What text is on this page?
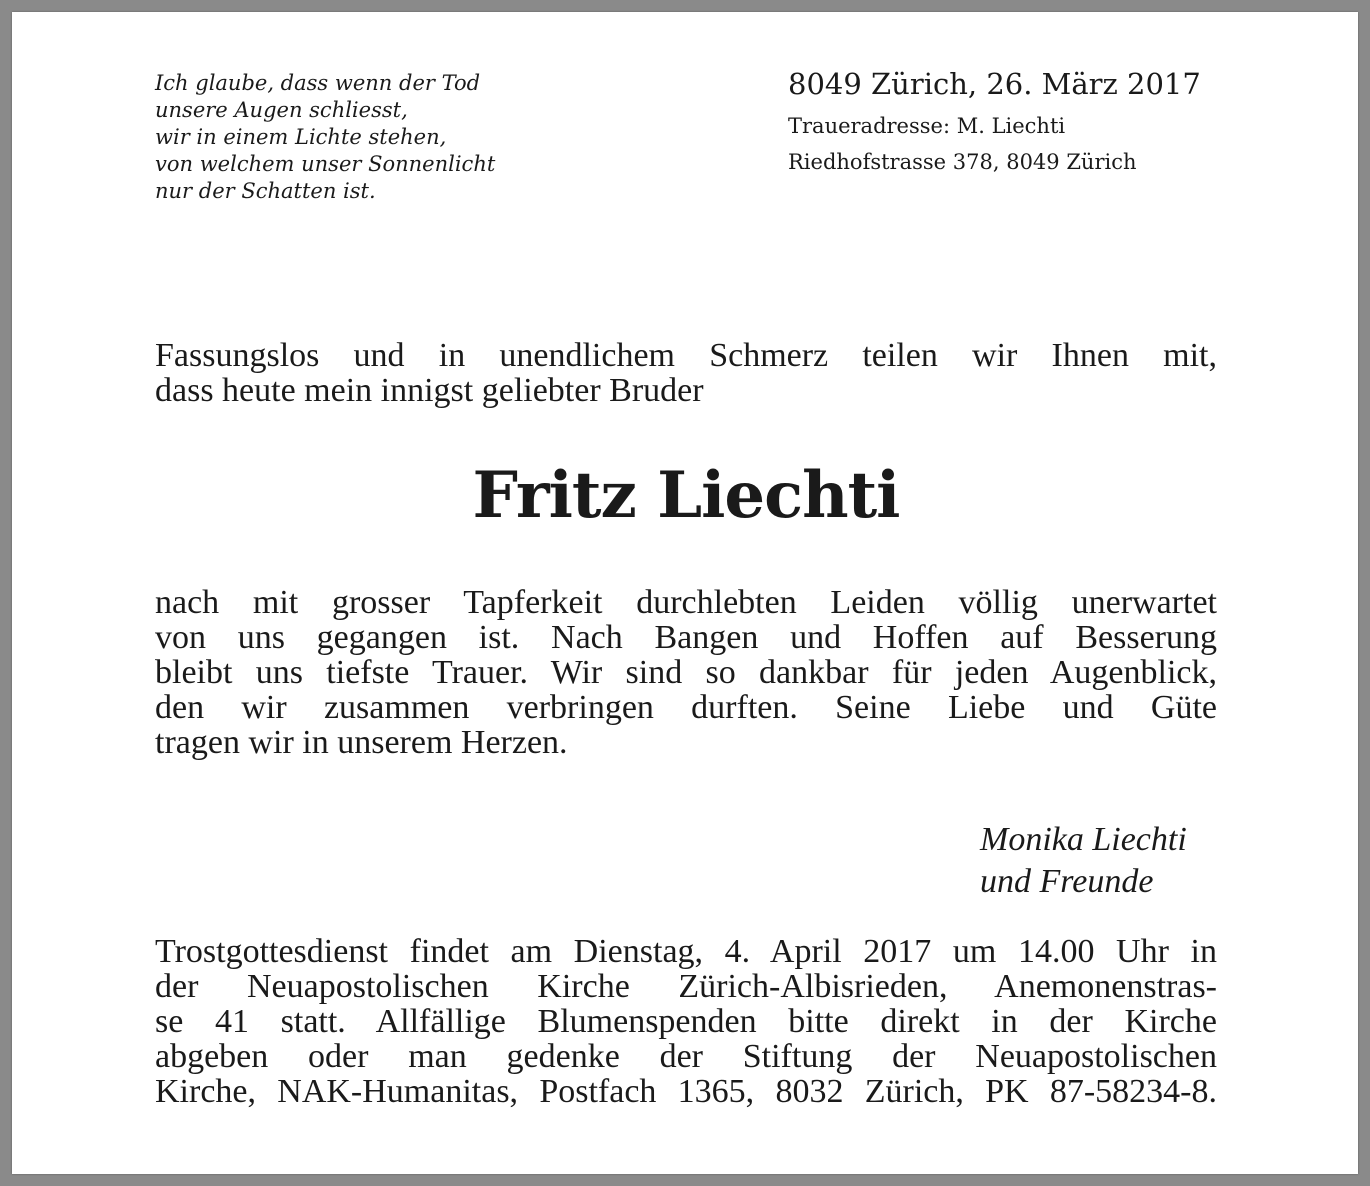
Ich glaube, dass wenn der Tod
unsere Augen schliesst,
wir in einem Lichte stehen,
von welchem unser Sonnenlicht
nur der Schatten ist.
8049 Zürich, 26. März 2017
Traueradresse: M. Liechti
Riedhofstrasse 378, 8049 Zürich
Fassungslos und in unendlichem Schmerz teilen wir Ihnen mit,
dass heute mein innigst geliebter Bruder
Fritz Liechti
nach mit grosser Tapferkeit durchlebten Leiden völlig unerwartet
von uns gegangen ist. Nach Bangen und Hoffen auf Besserung
bleibt uns tiefste Trauer. Wir sind so dankbar für jeden Augenblick,
den wir zusammen verbringen durften. Seine Liebe und Güte
tragen wir in unserem Herzen.
Monika Liechti
und Freunde
Trostgottesdienst findet am Dienstag, 4. April 2017 um 14.00 Uhr in
der Neuapostolischen Kirche Zürich-Albisrieden, Anemonenstras-
se 41 statt. Allfällige Blumenspenden bitte direkt in der Kirche
abgeben oder man gedenke der Stiftung der Neuapostolischen
Kirche, NAK-Humanitas, Postfach 1365, 8032 Zürich, PK 87-58234-8.
